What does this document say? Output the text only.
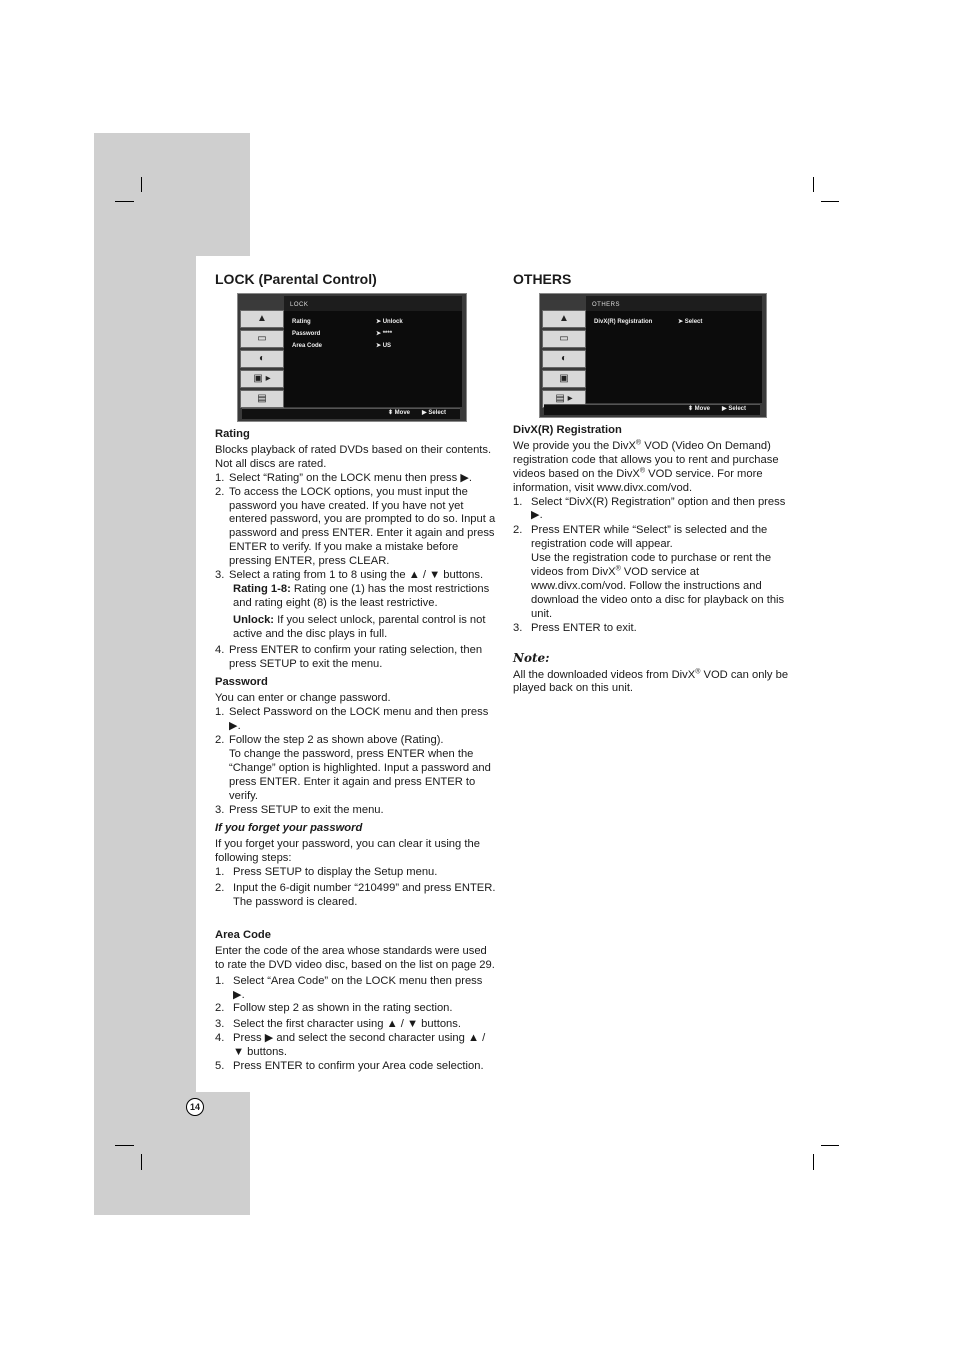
LOCK (Parental Control)
▲
▭
◐
▣ ▸
▤
LOCK
Rating	➤ Unlock
Password	➤ ****
Area Code	➤ US
⬍ Move ▶ Select
Rating

Blocks playback of rated DVDs based on their contents. Not all discs are rated.

1. Select “Rating” on the LOCK menu then press ▶.
2. To access the LOCK options, you must input the password you have created. If you have not yet entered password, you are prompted to do so. Input a password and press ENTER. Enter it again and press ENTER to verify. If you make a mistake before pressing ENTER, press CLEAR.
3. Select a rating from 1 to 8 using the ▲ / ▼ buttons.
Rating 1-8: Rating one (1) has the most restrictions and rating eight (8) is the least restrictive.
Unlock: If you select unlock, parental control is not active and the disc plays in full.
4. Press ENTER to confirm your rating selection, then press SETUP to exit the menu.
Password

You can enter or change password.

1. Select Password on the LOCK menu and then press ▶.
2. Follow the step 2 as shown above (Rating).
To change the password, press ENTER when the “Change” option is highlighted. Input a password and press ENTER. Enter it again and press ENTER to verify.
3. Press SETUP to exit the menu.
If you forget your password

If you forget your password, you can clear it using the following steps:

1. Press SETUP to display the Setup menu.
2. Input the 6-digit number “210499” and press ENTER. The password is cleared.
Area Code

Enter the code of the area whose standards were used to rate the DVD video disc, based on the list on page 29.

1. Select “Area Code” on the LOCK menu then press ▶.
2. Follow step 2 as shown in the rating section.
3. Select the first character using ▲ / ▼ buttons.
4. Press ▶ and select the second character using ▲ / ▼ buttons.
5. Press ENTER to confirm your Area code selection.
OTHERS
▲
▭
◐
▣
▤ ▸
OTHERS
DivX(R) Registration	➤ Select
⬍ Move ▶ Select
DivX(R) Registration

We provide you the DivX® VOD (Video On Demand) registration code that allows you to rent and purchase videos based on the DivX® VOD service. For more information, visit www.divx.com/vod.

1. Select “DivX(R) Registration” option and then press ▶.
2. Press ENTER while “Select” is selected and the registration code will appear.
Use the registration code to purchase or rent the videos from DivX® VOD service at www.divx.com/vod. Follow the instructions and download the video onto a disc for playback on this unit.
3. Press ENTER to exit.
Note:

All the downloaded videos from DivX® VOD can only be played back on this unit.

14
